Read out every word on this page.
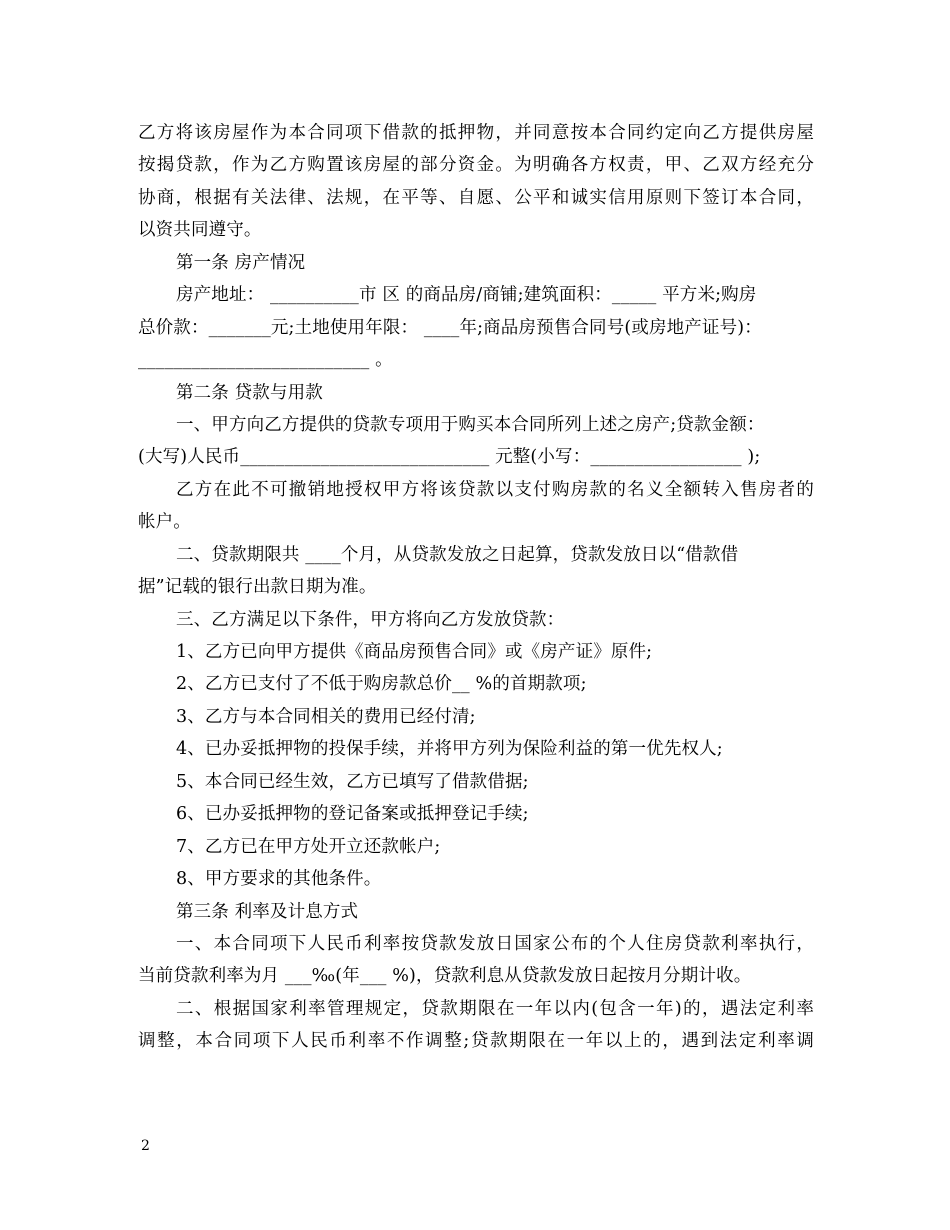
乙方将该房屋作为本合同项下借款的抵押物，并同意按本合同约定向乙方提供房屋
按揭贷款，作为乙方购置该房屋的部分资金。为明确各方权责，甲、乙双方经充分
协商，根据有关法律、法规，在平等、自愿、公平和诚实信用原则下签订本合同，
以资共同遵守。
第一条 房产情况
房产地址： __________市 区 的商品房/商铺;建筑面积：_____ 平方米;购房
总价款：_______元;土地使用年限： ____年;商品房预售合同号(或房地产证号)：
__________________________ 。
第二条 贷款与用款
一、甲方向乙方提供的贷款专项用于购买本合同所列上述之房产;贷款金额：
(大写)人民币____________________________ 元整(小写：_________________ );
乙方在此不可撤销地授权甲方将该贷款以支付购房款的名义全额转入售房者的
帐户。
二、贷款期限共 ____个月，从贷款发放之日起算，贷款发放日以“借款借
据”记载的银行出款日期为准。
三、乙方满足以下条件，甲方将向乙方发放贷款：
1、乙方已向甲方提供《商品房预售合同》或《房产证》原件;
2、乙方已支付了不低于购房款总价__ %的首期款项;
3、乙方与本合同相关的费用已经付清;
4、已办妥抵押物的投保手续，并将甲方列为保险利益的第一优先权人;
5、本合同已经生效，乙方已填写了借款借据;
6、已办妥抵押物的登记备案或抵押登记手续;
7、乙方已在甲方处开立还款帐户;
8、甲方要求的其他条件。
第三条 利率及计息方式
一、本合同项下人民币利率按贷款发放日国家公布的个人住房贷款利率执行，
当前贷款利率为月 ___‰(年___ %)，贷款利息从贷款发放日起按月分期计收。
二、根据国家利率管理规定，贷款期限在一年以内(包含一年)的，遇法定利率
调整，本合同项下人民币利率不作调整;贷款期限在一年以上的，遇到法定利率调
2
